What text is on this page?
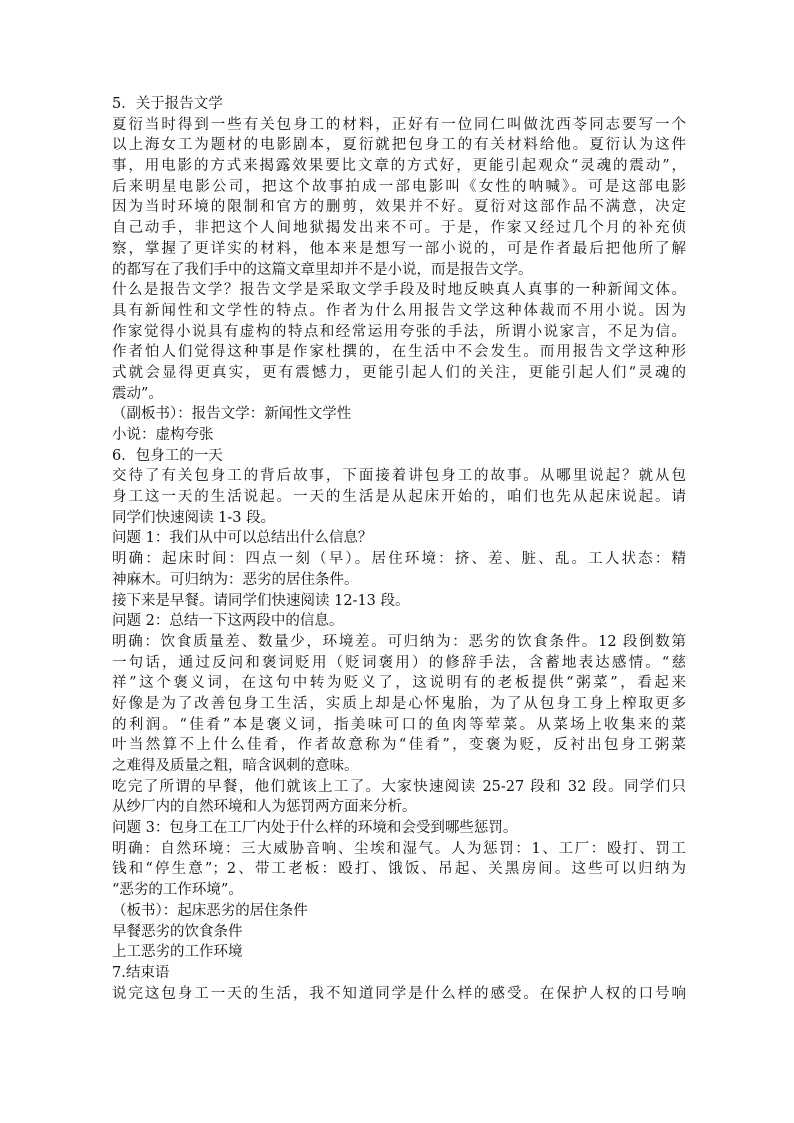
5．关于报告文学
夏衍当时得到一些有关包身工的材料，正好有一位同仁叫做沈西苓同志要写一个
以上海女工为题材的电影剧本，夏衍就把包身工的有关材料给他。夏衍认为这件
事，用电影的方式来揭露效果要比文章的方式好，更能引起观众“灵魂的震动”，
后来明星电影公司，把这个故事拍成一部电影叫《女性的呐喊》。可是这部电影
因为当时环境的限制和官方的删剪，效果并不好。夏衍对这部作品不满意，决定
自己动手，非把这个人间地狱揭发出来不可。于是，作家又经过几个月的补充侦
察，掌握了更详实的材料，他本来是想写一部小说的，可是作者最后把他所了解
的都写在了我们手中的这篇文章里却并不是小说，而是报告文学。
什么是报告文学？报告文学是采取文学手段及时地反映真人真事的一种新闻文体。
具有新闻性和文学性的特点。作者为什么用报告文学这种体裁而不用小说。因为
作家觉得小说具有虚构的特点和经常运用夸张的手法，所谓小说家言，不足为信。
作者怕人们觉得这种事是作家杜撰的，在生活中不会发生。而用报告文学这种形
式就会显得更真实，更有震憾力，更能引起人们的关注，更能引起人们“灵魂的
震动”。
（副板书）：报告文学：新闻性文学性
小说：虚构夸张
6．包身工的一天
交待了有关包身工的背后故事，下面接着讲包身工的故事。从哪里说起？就从包
身工这一天的生活说起。一天的生活是从起床开始的，咱们也先从起床说起。请
同学们快速阅读 1-3 段。
问题 1：我们从中可以总结出什么信息？
明确：起床时间：四点一刻（早）。居住环境：挤、差、脏、乱。工人状态：精
神麻木。可归纳为：恶劣的居住条件。
接下来是早餐。请同学们快速阅读 12-13 段。
问题 2：总结一下这两段中的信息。
明确：饮食质量差、数量少，环境差。可归纳为：恶劣的饮食条件。12 段倒数第
一句话，通过反问和褒词贬用（贬词褒用）的修辞手法，含蓄地表达感情。“慈
祥”这个褒义词，在这句中转为贬义了，这说明有的老板提供“粥菜”，看起来
好像是为了改善包身工生活，实质上却是心怀鬼胎，为了从包身工身上榨取更多
的利润。“佳肴”本是褒义词，指美味可口的鱼肉等荤菜。从菜场上收集来的菜
叶当然算不上什么佳肴，作者故意称为“佳肴”，变褒为贬，反衬出包身工粥菜
之难得及质量之粗，暗含讽刺的意味。
吃完了所谓的早餐，他们就该上工了。大家快速阅读 25-27 段和 32 段。同学们只
从纱厂内的自然环境和人为惩罚两方面来分析。
问题 3：包身工在工厂内处于什么样的环境和会受到哪些惩罚。
明确：自然环境：三大威胁音响、尘埃和湿气。人为惩罚：1、工厂：殴打、罚工
钱和“停生意”；2、带工老板：殴打、饿饭、吊起、关黑房间。这些可以归纳为
“恶劣的工作环境”。
（板书）：起床恶劣的居住条件
早餐恶劣的饮食条件
上工恶劣的工作环境
7.结束语
说完这包身工一天的生活，我不知道同学是什么样的感受。在保护人权的口号响
